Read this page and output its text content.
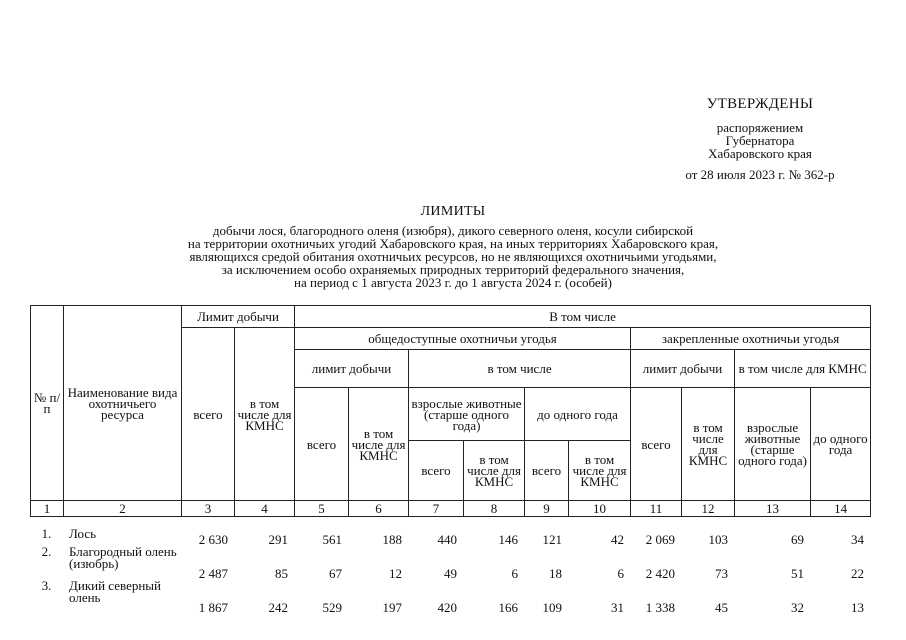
УТВЕРЖДЕНЫ
распоряжением
Губернатора
Хабаровского края
от 28 июля 2023 г. № 362-р
ЛИМИТЫ
добычи лося, благородного оленя (изюбря), дикого северного оленя, косули сибирской
на территории охотничьих угодий Хабаровского края, на иных территориях Хабаровского края,
являющихся средой обитания охотничьих ресурсов, но не являющихся охотничьими угодьями,
за исключением особо охраняемых природных территорий федерального значения,
на период с 1 августа 2023 г. до 1 августа 2024 г. (особей)
№ п/п	Наименование вида охотничьего ресурса	Лимит добычи		В том числе									
		всего	в том числе для КМНС	общедоступные охотничьи угодья						закрепленные охотничьи угодья			
				лимит добычи		в том числе				лимит добычи		в том числе для КМНС	
				всего	в том числе для КМНС	взрослые животные (старше одного года)		до одного года		всего	в том числе для КМНС	взрослые животные (старше одного года)	до одного года
						всего	в том числе для КМНС	всего	в том числе для КМНС				
1	2	3	4	5	6	7	8	9	10	11	12	13	14
1.	Лось	2 630	291	561	188	440	146	121	42	2 069	103	69	34
2.	Благородный олень (изюбрь)	2 487	85	67	12	49	6	18	6	2 420	73	51	22
3.	Дикий северный олень	1 867	242	529	197	420	166	109	31	1 338	45	32	13
